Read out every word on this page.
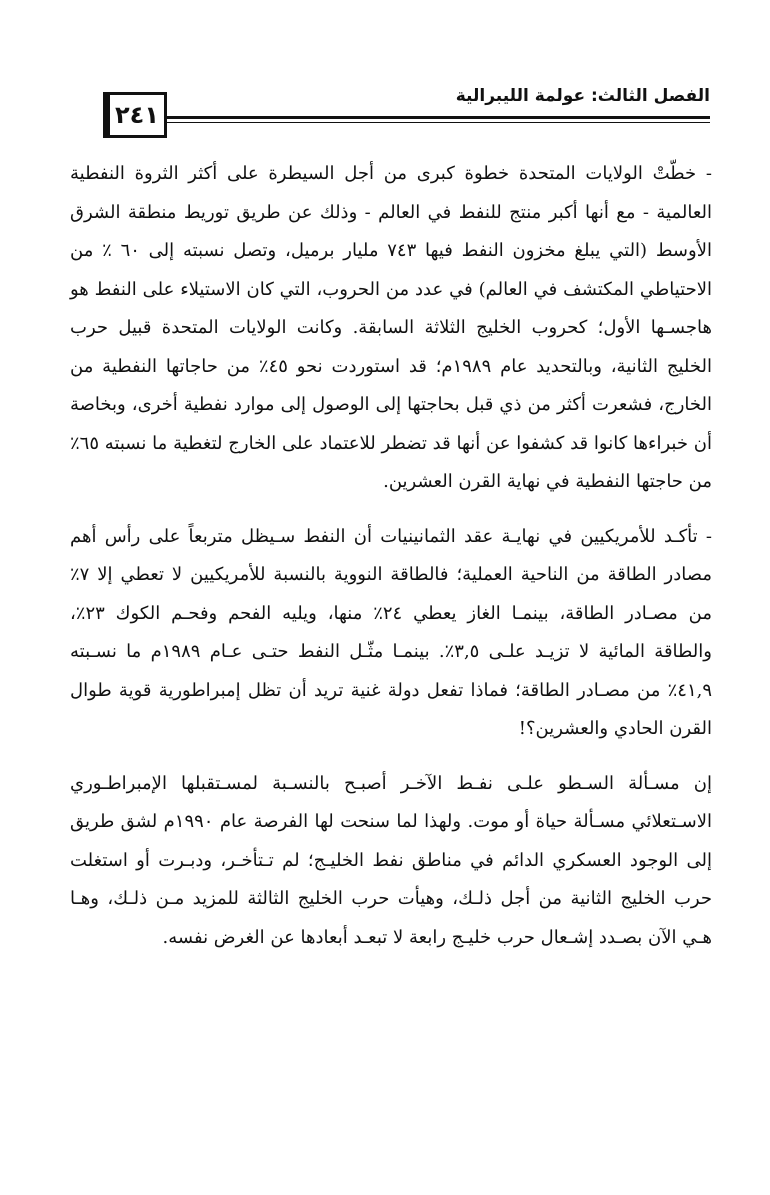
الفصل الثالث: عولمة الليبرالية
٢٤١

- خطّتْ الولايات المتحدة خطوة كبرى من أجل السيطرة على أكثر الثروة النفطية العالمية - مع أنها أكبر منتج للنفط في العالم - وذلك عن طريق توريط منطقة الشرق الأوسط (التي يبلغ مخزون النفط فيها ٧٤٣ مليار برميل، وتصل نسبته إلى ٦٠ ٪ من الاحتياطي المكتشف في العالم) في عدد من الحروب، التي كان الاستيلاء على النفط هو هاجسـها الأول؛ كحروب الخليج الثلاثة السابقة. وكانت الولايات المتحدة قبيل حرب الخليج الثانية، وبالتحديد عام ١٩٨٩م؛ قد استوردت نحو ٤٥٪ من حاجاتها النفطية من الخارج، فشعرت أكثر من ذي قبل بحاجتها إلى الوصول إلى موارد نفطية أخرى، وبخاصة أن خبراءها كانوا قد كشفوا عن أنها قد تضطر للاعتماد على الخارج لتغطية ما نسبته ٦٥٪ من حاجتها النفطية في نهاية القرن العشرين.

- تأكـد للأمريكيين في نهايـة عقد الثمانينيات أن النفط سـيظل متربعاً على رأس أهم مصادر الطاقة من الناحية العملية؛ فالطاقة النووية بالنسبة للأمريكيين لا تعطي إلا ٧٪ من مصـادر الطاقة، بينمـا الغاز يعطي ٢٤٪ منها، ويليه الفحم وفحـم الكوك ٢٣٪، والطاقة المائية لا تزيـد علـى ٣,٥٪. بينمـا مثّـل النفط حتـى عـام ١٩٨٩م ما نسـبته ٤١,٩٪ من مصـادر الطاقة؛ فماذا تفعل دولة غنية تريد أن تظل إمبراطورية قوية طوال القرن الحادي والعشرين؟!

إن مسـألة السـطو علـى نفـط الآخـر أصبـح بالنسـبة لمسـتقبلها الإمبراطـوري الاسـتعلائي مسـألة حياة أو موت. ولهذا لما سنحت لها الفرصة عام ١٩٩٠م لشق طريق إلى الوجود العسكري الدائم في مناطق نفط الخليـج؛ لم تـتأخـر، ودبـرت أو استغلت حرب الخليج الثانية من أجل ذلـك، وهيأت حرب الخليج الثالثة للمزيد مـن ذلـك، وهـا هـي الآن بصـدد إشـعال حرب خليـج رابعة لا تبعـد أبعادها عن الغرض نفسه.
